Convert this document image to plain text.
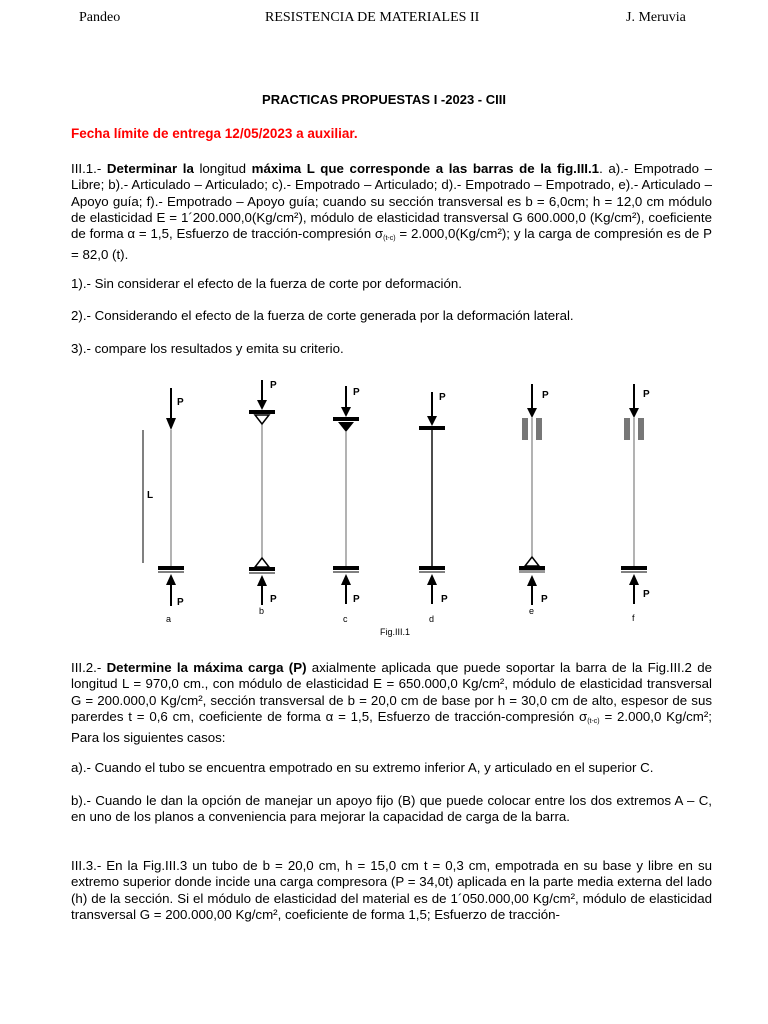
Pandeo	RESISTENCIA DE MATERIALES II	J. Meruvia
PRACTICAS PROPUESTAS I -2023 - CIII
Fecha límite de entrega 12/05/2023 a auxiliar.
III.1.- Determinar la longitud máxima L que corresponde a las barras de la fig.III.1. a).- Empotrado – Libre; b).- Articulado – Articulado; c).- Empotrado – Articulado; d).- Empotrado – Empotrado, e).- Articulado – Apoyo guía; f).- Empotrado – Apoyo guía; cuando su sección transversal es b = 6,0cm; h = 12,0 cm módulo de elasticidad E = 1´200.000,0(Kg/cm²), módulo de elasticidad transversal G 600.000,0 (Kg/cm²), coeficiente de forma α = 1,5, Esfuerzo de tracción-compresión $\sigma_{(t-c)} = 2.000,0(Kg/cm^2)$; y la carga de compresión es de P = 82,0 (t).
1).- Sin considerar el efecto de la fuerza de corte por deformación.
2).- Considerando el efecto de la fuerza de corte generada por la deformación lateral.
3).- compare los resultados y emita su criterio.
L
P
P
a
P
P
b
P
P
c
P
P
d
P
P
e
P
P
f
Fig.III.1
III.2.- Determine la máxima carga (P) axialmente aplicada que puede soportar la barra de la Fig.III.2 de longitud L = 970,0 cm., con módulo de elasticidad E = 650.000,0 Kg/cm², módulo de elasticidad transversal G = 200.000,0 Kg/cm², sección transversal de b = 20,0 cm de base por h = 30,0 cm de alto, espesor de sus parerdes t = 0,6 cm, coeficiente de forma α = 1,5, Esfuerzo de tracción-compresión $\sigma_{(t-c)} = 2.000,0$ Kg/cm²; Para los siguientes casos:
a).- Cuando el tubo se encuentra empotrado en su extremo inferior A, y articulado en el superior C.
b).- Cuando le dan la opción de manejar un apoyo fijo (B) que puede colocar entre los dos extremos A – C, en uno de los planos a conveniencia para mejorar la capacidad de carga de la barra.
III.3.- En la Fig.III.3 un tubo de b = 20,0 cm, h = 15,0 cm t = 0,3 cm, empotrada en su base y libre en su extremo superior donde incide una carga compresora (P = 34,0t) aplicada en la parte media externa del lado (h) de la sección. Si el módulo de elasticidad del material es de 1´050.000,00 Kg/cm², módulo de elasticidad transversal G = 200.000,00 Kg/cm², coeficiente de forma 1,5; Esfuerzo de tracción-
